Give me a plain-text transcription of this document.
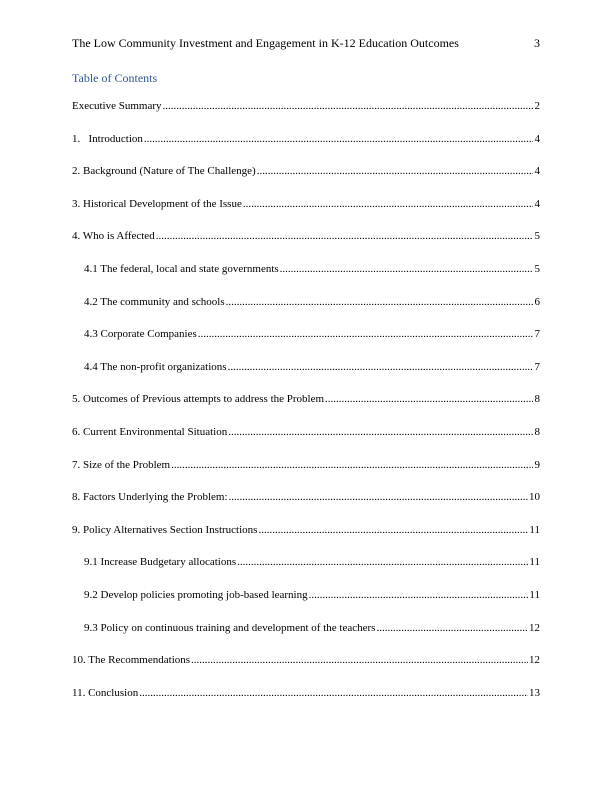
The Low Community Investment and Engagement in K-12 Education Outcomes	3
Table of Contents
Executive Summary .....	2
1.   Introduction .....	4
2. Background (Nature of The Challenge) .....	4
3. Historical Development of the Issue .....	4
4. Who is Affected .....	5
4.1 The federal, local and state governments .....	5
4.2 The community and schools .....	6
4.3 Corporate Companies .....	7
4.4 The non-profit organizations .....	7
5. Outcomes of Previous attempts to address the Problem .....	8
6. Current Environmental Situation .....	8
7. Size of the Problem .....	9
8. Factors Underlying the Problem: .....	10
9. Policy Alternatives Section Instructions .....	11
9.1 Increase Budgetary allocations .....	11
9.2 Develop policies promoting job-based learning .....	11
9.3 Policy on continuous training and development of the teachers .....	12
10. The Recommendations .....	12
11. Conclusion .....	13
